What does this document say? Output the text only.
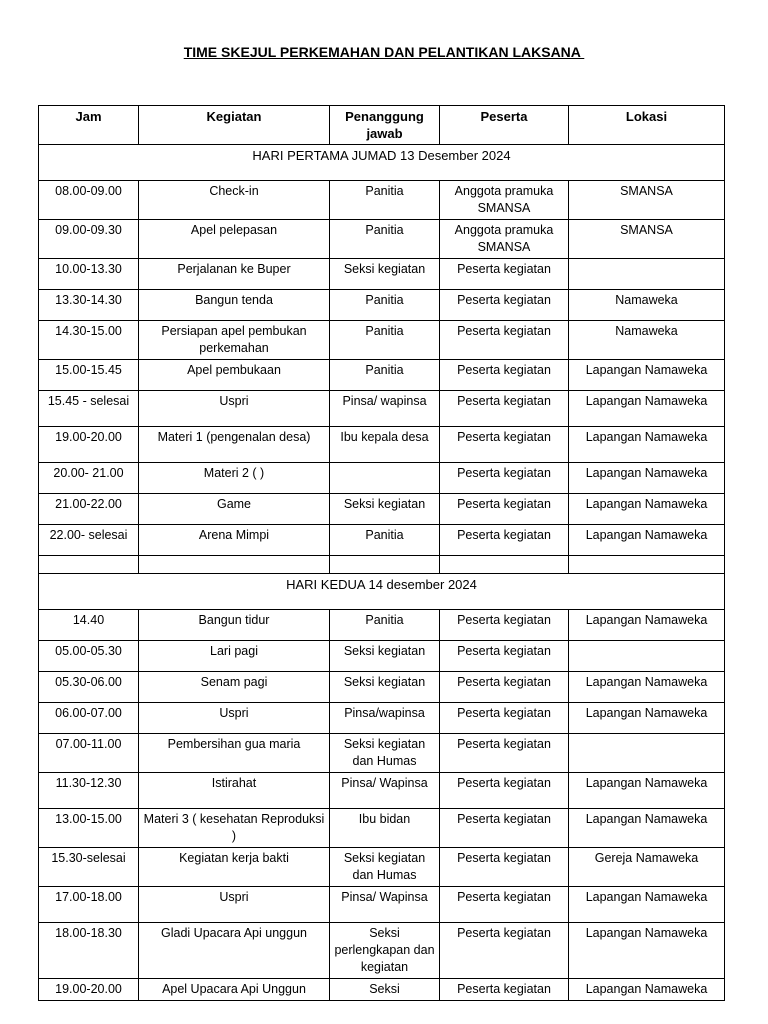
TIME SKEJUL PERKEMAHAN DAN PELANTIKAN LAKSANA
Jam	Kegiatan	Penanggung jawab	Peserta	Lokasi
HARI PERTAMA JUMAD 13 Desember 2024				
08.00-09.00	Check-in	Panitia	Anggota pramuka SMANSA	SMANSA
09.00-09.30	Apel pelepasan	Panitia	Anggota pramuka SMANSA	SMANSA
10.00-13.30	Perjalanan ke Buper	Seksi kegiatan	Peserta kegiatan	
13.30-14.30	Bangun tenda	Panitia	Peserta kegiatan	Namaweka
14.30-15.00	Persiapan apel pembukan perkemahan	Panitia	Peserta kegiatan	Namaweka
15.00-15.45	Apel pembukaan	Panitia	Peserta kegiatan	Lapangan Namaweka
15.45 - selesai	Uspri	Pinsa/ wapinsa	Peserta kegiatan	Lapangan Namaweka
19.00-20.00	Materi 1 (pengenalan desa)	Ibu kepala desa	Peserta kegiatan	Lapangan Namaweka
20.00- 21.00	Materi 2 ( )		Peserta kegiatan	Lapangan Namaweka
21.00-22.00	Game	Seksi kegiatan	Peserta kegiatan	Lapangan Namaweka
22.00- selesai	Arena Mimpi	Panitia	Peserta kegiatan	Lapangan Namaweka

HARI KEDUA 14 desember 2024				
14.40	Bangun tidur	Panitia	Peserta kegiatan	Lapangan Namaweka
05.00-05.30	Lari pagi	Seksi kegiatan	Peserta kegiatan	
05.30-06.00	Senam pagi	Seksi kegiatan	Peserta kegiatan	Lapangan Namaweka
06.00-07.00	Uspri	Pinsa/wapinsa	Peserta kegiatan	Lapangan Namaweka
07.00-11.00	Pembersihan gua maria	Seksi kegiatan dan Humas	Peserta kegiatan	
11.30-12.30	Istirahat	Pinsa/ Wapinsa	Peserta kegiatan	Lapangan Namaweka
13.00-15.00	Materi 3 ( kesehatan Reproduksi )	Ibu bidan	Peserta kegiatan	Lapangan Namaweka
15.30-selesai	Kegiatan kerja bakti	Seksi kegiatan dan Humas	Peserta kegiatan	Gereja Namaweka
17.00-18.00	Uspri	Pinsa/ Wapinsa	Peserta kegiatan	Lapangan Namaweka
18.00-18.30	Gladi Upacara Api unggun	Seksi perlengkapan dan kegiatan	Peserta kegiatan	Lapangan Namaweka
19.00-20.00	Apel Upacara Api Unggun	Seksi	Peserta kegiatan	Lapangan Namaweka
